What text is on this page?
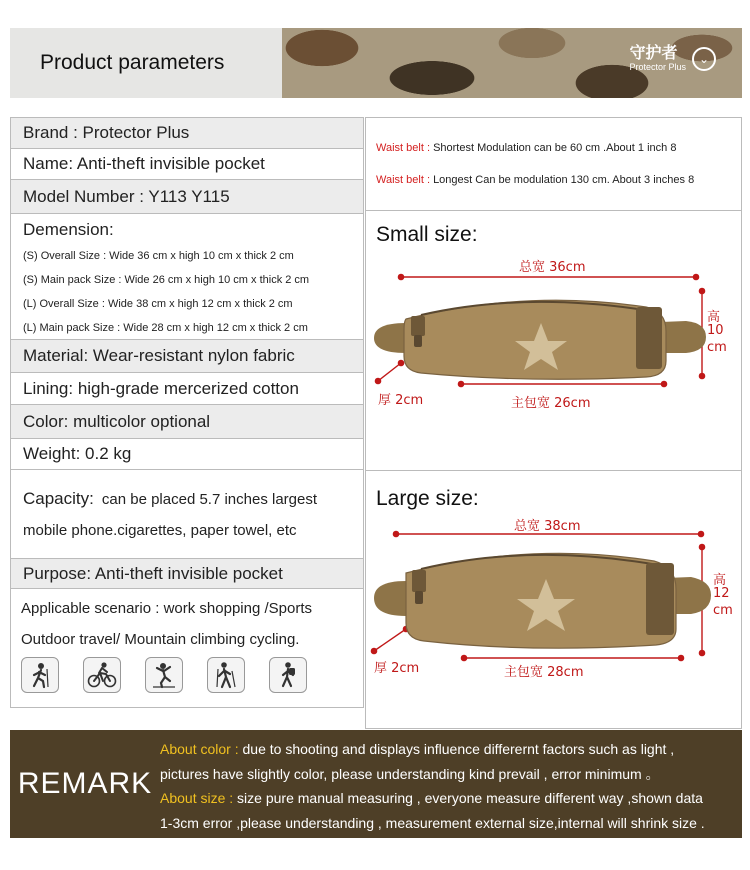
Product parameters	守护者
Protector Plus
⌄
Brand : Protector Plus
Name: Anti-theft invisible pocket
Model Number : Y113 Y115
Demension:
(S) Overall Size : Wide 36 cm x high 10 cm x thick 2 cm
(S) Main pack Size : Wide 26 cm x high 10 cm x thick 2 cm
(L) Overall Size : Wide 38 cm x high 12 cm x thick 2 cm
(L) Main pack Size : Wide 28 cm x high 12 cm x thick 2 cm
Material: Wear-resistant nylon fabric
Lining: high-grade mercerized cotton
Color: multicolor optional
Weight: 0.2 kg
Capacity: can be placed 5.7 inches largest
mobile phone.cigarettes, paper towel, etc
Purpose: Anti-theft invisible pocket
Applicable scenario : work shopping /Sports
Outdoor travel/ Mountain climbing cycling.
Waist belt : Shortest Modulation can be 60 cm .About 1 inch 8
Waist belt : Longest Can be modulation 130 cm. About 3 inches 8
Small size:
总宽 36cm
高
10
cm
厚 2cm	主包宽 26cm
Large size:
总宽 38cm
高
12
cm
厚 2cm	主包宽 28cm
REMARK
About color : due to shooting and displays influence differernt factors such as light ,
pictures have slightly color, please understanding kind prevail , error minimum 。
About size : size pure manual measuring , everyone measure different way ,shown data
1-3cm error ,please understanding , measurement external size,internal will shrink size .
